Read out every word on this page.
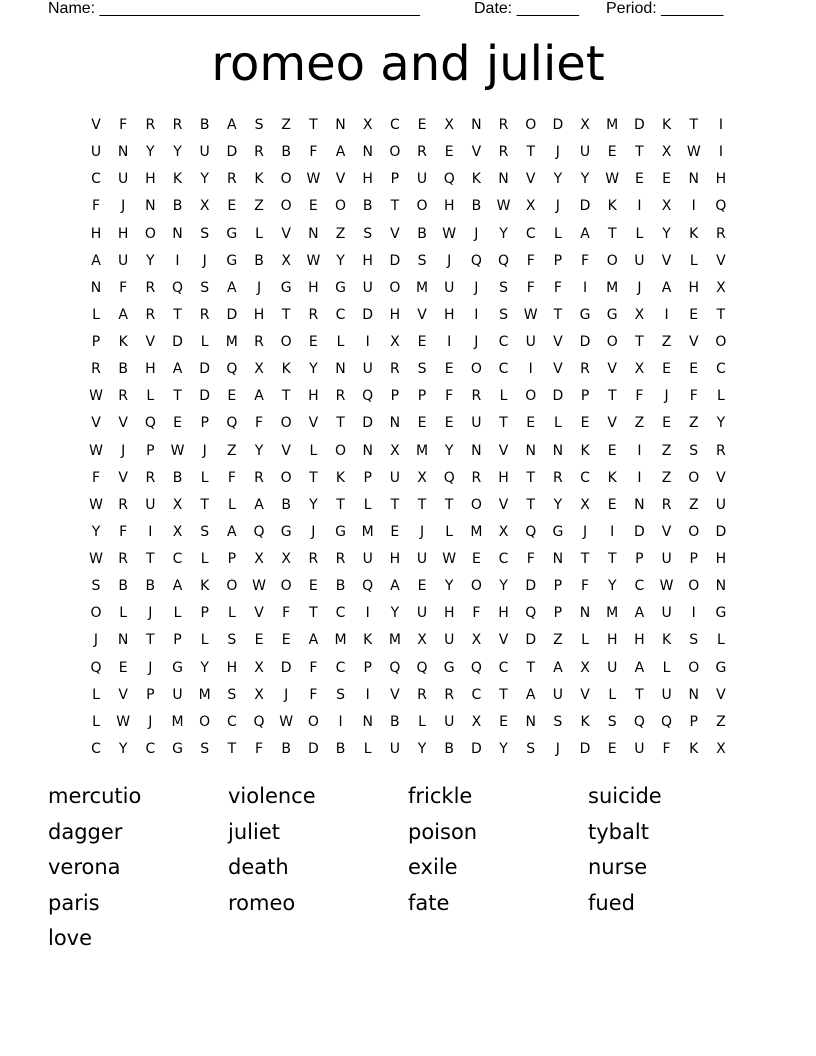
Name: ____________________________________	Date: _______ Period: _______
romeo and juliet
V	F	R	R	B	A	S	Z	T	N	X	C	E	X	N	R	O	D	X	M	D	K	T	I
U	N	Y	Y	U	D	R	B	F	A	N	O	R	E	V	R	T	J	U	E	T	X	W	I
C	U	H	K	Y	R	K	O	W	V	H	P	U	Q	K	N	V	Y	Y	W	E	E	N	H
F	J	N	B	X	E	Z	O	E	O	B	T	O	H	B	W	X	J	D	K	I	X	I	Q
H	H	O	N	S	G	L	V	N	Z	S	V	B	W	J	Y	C	L	A	T	L	Y	K	R
A	U	Y	I	J	G	B	X	W	Y	H	D	S	J	Q	Q	F	P	F	O	U	V	L	V
N	F	R	Q	S	A	J	G	H	G	U	O	M	U	J	S	F	F	I	M	J	A	H	X
L	A	R	T	R	D	H	T	R	C	D	H	V	H	I	S	W	T	G	G	X	I	E	T
P	K	V	D	L	M	R	O	E	L	I	X	E	I	J	C	U	V	D	O	T	Z	V	O
R	B	H	A	D	Q	X	K	Y	N	U	R	S	E	O	C	I	V	R	V	X	E	E	C
W	R	L	T	D	E	A	T	H	R	Q	P	P	F	R	L	O	D	P	T	F	J	F	L
V	V	Q	E	P	Q	F	O	V	T	D	N	E	E	U	T	E	L	E	V	Z	E	Z	Y
W	J	P	W	J	Z	Y	V	L	O	N	X	M	Y	N	V	N	N	K	E	I	Z	S	R
F	V	R	B	L	F	R	O	T	K	P	U	X	Q	R	H	T	R	C	K	I	Z	O	V
W	R	U	X	T	L	A	B	Y	T	L	T	T	T	O	V	T	Y	X	E	N	R	Z	U
Y	F	I	X	S	A	Q	G	J	G	M	E	J	L	M	X	Q	G	J	I	D	V	O	D
W	R	T	C	L	P	X	X	R	R	U	H	U	W	E	C	F	N	T	T	P	U	P	H
S	B	B	A	K	O	W	O	E	B	Q	A	E	Y	O	Y	D	P	F	Y	C	W	O	N
O	L	J	L	P	L	V	F	T	C	I	Y	U	H	F	H	Q	P	N	M	A	U	I	G
J	N	T	P	L	S	E	E	A	M	K	M	X	U	X	V	D	Z	L	H	H	K	S	L
Q	E	J	G	Y	H	X	D	F	C	P	Q	Q	G	Q	C	T	A	X	U	A	L	O	G
L	V	P	U	M	S	X	J	F	S	I	V	R	R	C	T	A	U	V	L	T	U	N	V
L	W	J	M	O	C	Q	W	O	I	N	B	L	U	X	E	N	S	K	S	Q	Q	P	Z
C	Y	C	G	S	T	F	B	D	B	L	U	Y	B	D	Y	S	J	D	E	U	F	K	X
mercutio	violence	frickle	suicide
dagger	juliet	poison	tybalt
verona	death	exile	nurse
paris	romeo	fate	fued
love
